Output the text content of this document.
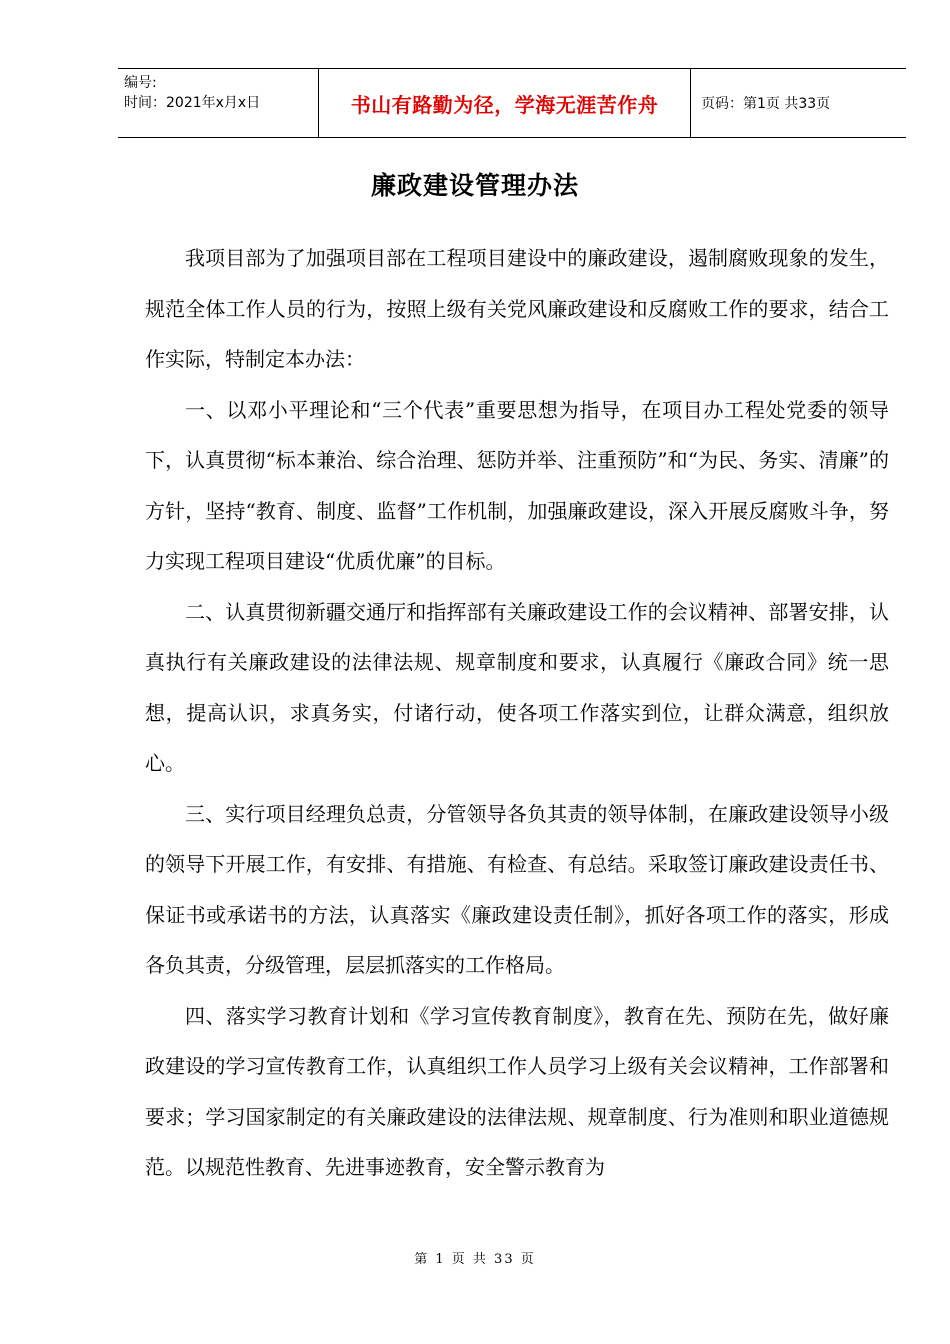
编号:
时间：2021年x月x日	书山有路勤为径，学海无涯苦作舟	页码：第1页 共33页
廉政建设管理办法

我项目部为了加强项目部在工程项目建设中的廉政建设，遏制腐败现象的发生，规范全体工作人员的行为，按照上级有关党风廉政建设和反腐败工作的要求，结合工作实际，特制定本办法：

一、以邓小平理论和“三个代表”重要思想为指导，在项目办工程处党委的领导下，认真贯彻“标本兼治、综合治理、惩防并举、注重预防”和“为民、务实、清廉”的方针，坚持“教育、制度、监督”工作机制，加强廉政建设，深入开展反腐败斗争，努力实现工程项目建设“优质优廉”的目标。

二、认真贯彻新疆交通厅和指挥部有关廉政建设工作的会议精神、部署安排，认真执行有关廉政建设的法律法规、规章制度和要求，认真履行《廉政合同》统一思想，提高认识，求真务实，付诸行动，使各项工作落实到位，让群众满意，组织放心。

三、实行项目经理负总责，分管领导各负其责的领导体制，在廉政建设领导小级的领导下开展工作，有安排、有措施、有检查、有总结。采取签订廉政建设责任书、保证书或承诺书的方法，认真落实《廉政建设责任制》，抓好各项工作的落实，形成各负其责，分级管理，层层抓落实的工作格局。

四、落实学习教育计划和《学习宣传教育制度》，教育在先、预防在先，做好廉政建设的学习宣传教育工作，认真组织工作人员学习上级有关会议精神，工作部署和要求；学习国家制定的有关廉政建设的法律法规、规章制度、行为准则和职业道德规范。以规范性教育、先进事迹教育，安全警示教育为

第 1 页 共 33 页
